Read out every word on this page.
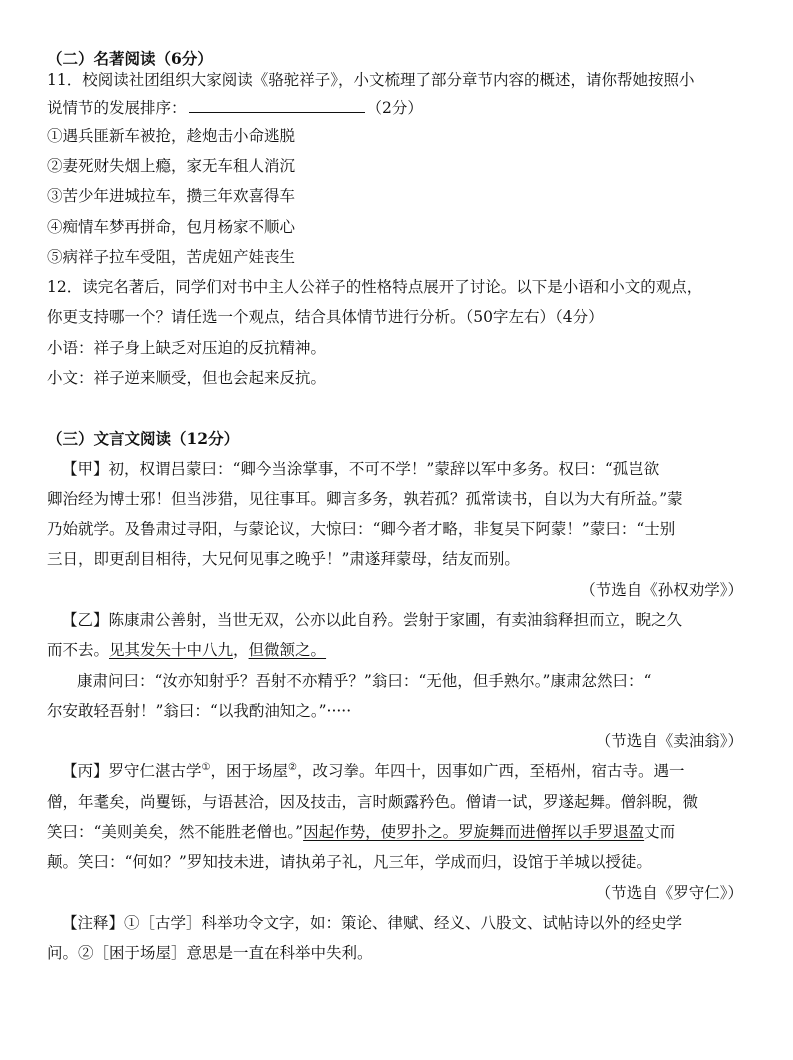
（二）名著阅读（6分）
11．校阅读社团组织大家阅读《骆驼祥子》，小文梳理了部分章节内容的概述，请你帮她按照小
说情节的发展排序：	（2分）
①遇兵匪新车被抢，趁炮击小命逃脱
②妻死财失烟上瘾，家无车租人消沉
③苦少年进城拉车，攒三年欢喜得车
④痴情车梦再拼命，包月杨家不顺心
⑤病祥子拉车受阻，苦虎妞产娃丧生
12．读完名著后，同学们对书中主人公祥子的性格特点展开了讨论。以下是小语和小文的观点，
你更支持哪一个？请任选一个观点，结合具体情节进行分析。（50字左右）（4分）
小语：祥子身上缺乏对压迫的反抗精神。
小文：祥子逆来顺受，但也会起来反抗。
（三）文言文阅读（12分）
【甲】初，权谓吕蒙曰：“卿今当涂掌事，不可不学！”蒙辞以军中多务。权曰：“孤岂欲
卿治经为博士邪！但当涉猎，见往事耳。卿言多务，孰若孤？孤常读书，自以为大有所益。”蒙
乃始就学。及鲁肃过寻阳，与蒙论议，大惊曰：“卿今者才略，非复吴下阿蒙！”蒙曰：“士别
三日，即更刮目相待，大兄何见事之晚乎！”肃遂拜蒙母，结友而别。
（节选自《孙权劝学》）
【乙】陈康肃公善射，当世无双，公亦以此自矜。尝射于家圃，有卖油翁释担而立，睨之久
而不去。见其发矢十中八九，但微颔之。
康肃问曰：“汝亦知射乎？吾射不亦精乎？”翁曰：“无他，但手熟尔。”康肃忿然曰：“
尔安敢轻吾射！”翁曰：“以我酌油知之。”·····
（节选自《卖油翁》）
【丙】罗守仁湛古学①，困于场屋②，改习拳。年四十，因事如广西，至梧州，宿古寺。遇一
僧，年耄矣，尚矍铄，与语甚洽，因及技击，言时颇露矜色。僧请一试，罗遂起舞。僧斜睨，微
笑曰：“美则美矣，然不能胜老僧也。”因起作势，使罗扑之。罗旋舞而进僧挥以手罗退盈丈而
颠。笑曰：“何如？”罗知技未进，请执弟子礼，凡三年，学成而归，设馆于羊城以授徒。
（节选自《罗守仁》）
【注释】①［古学］科举功令文字，如：策论、律赋、经义、八股文、试帖诗以外的经史学
问。②［困于场屋］意思是一直在科举中失利。
